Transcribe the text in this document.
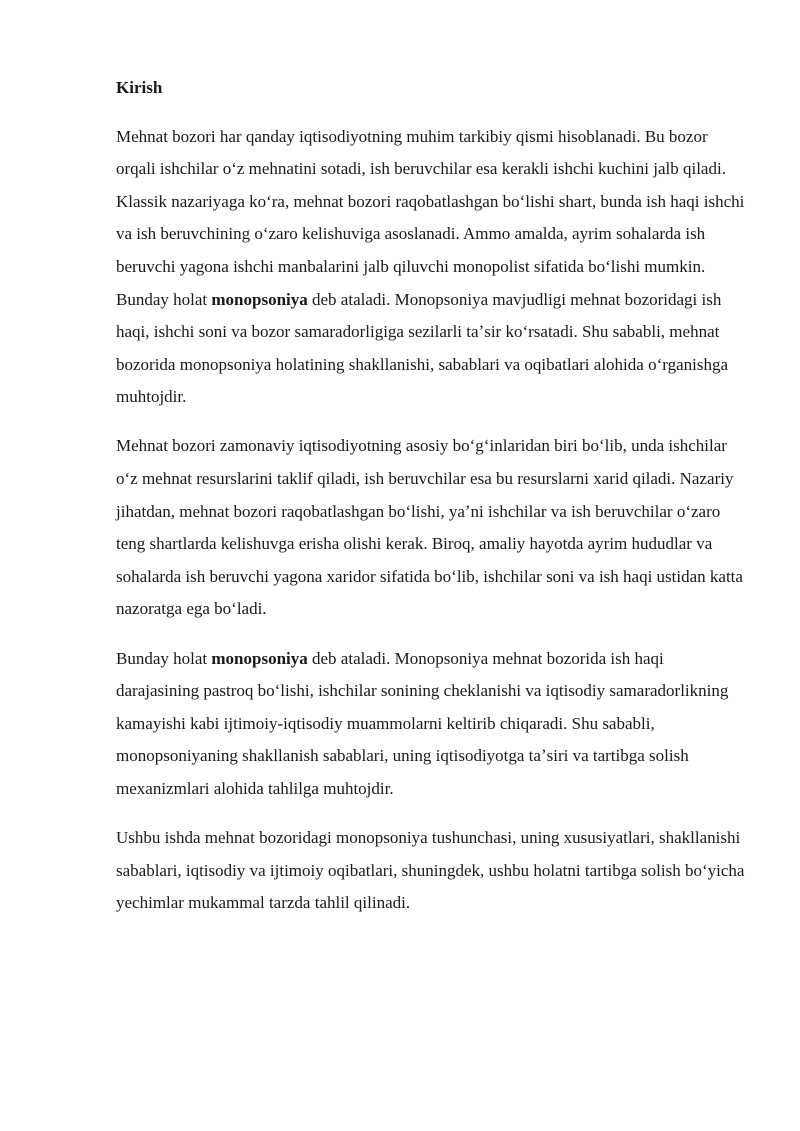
Kirish

Mehnat bozori har qanday iqtisodiyotning muhim tarkibiy qismi hisoblanadi. Bu bozor orqali ishchilar oʻz mehnatini sotadi, ish beruvchilar esa kerakli ishchi kuchini jalb qiladi. Klassik nazariyaga koʻra, mehnat bozori raqobatlashgan boʻlishi shart, bunda ish haqi ishchi va ish beruvchining oʻzaro kelishuviga asoslanadi. Ammo amalda, ayrim sohalarda ish beruvchi yagona ishchi manbalarini jalb qiluvchi monopolist sifatida boʻlishi mumkin. Bunday holat monopsoniya deb ataladi. Monopsoniya mavjudligi mehnat bozoridagi ish haqi, ishchi soni va bozor samaradorligiga sezilarli taʼsir koʻrsatadi. Shu sababli, mehnat bozorida monopsoniya holatining shakllanishi, sabablari va oqibatlari alohida oʻrganishga muhtojdir.

Mehnat bozori zamonaviy iqtisodiyotning asosiy boʻgʻinlaridan biri boʻlib, unda ishchilar oʻz mehnat resurslarini taklif qiladi, ish beruvchilar esa bu resurslarni xarid qiladi. Nazariy jihatdan, mehnat bozori raqobatlashgan boʻlishi, yaʼni ishchilar va ish beruvchilar oʻzaro teng shartlarda kelishuvga erisha olishi kerak. Biroq, amaliy hayotda ayrim hududlar va sohalarda ish beruvchi yagona xaridor sifatida boʻlib, ishchilar soni va ish haqi ustidan katta nazoratga ega boʻladi.

Bunday holat monopsoniya deb ataladi. Monopsoniya mehnat bozorida ish haqi darajasining pastroq boʻlishi, ishchilar sonining cheklanishi va iqtisodiy samaradorlikning kamayishi kabi ijtimoiy-iqtisodiy muammolarni keltirib chiqaradi. Shu sababli, monopsoniyaning shakllanish sabablari, uning iqtisodiyotga taʼsiri va tartibga solish mexanizmlari alohida tahlilga muhtojdir.

Ushbu ishda mehnat bozoridagi monopsoniya tushunchasi, uning xususiyatlari, shakllanishi sabablari, iqtisodiy va ijtimoiy oqibatlari, shuningdek, ushbu holatni tartibga solish boʻyicha yechimlar mukammal tarzda tahlil qilinadi.
